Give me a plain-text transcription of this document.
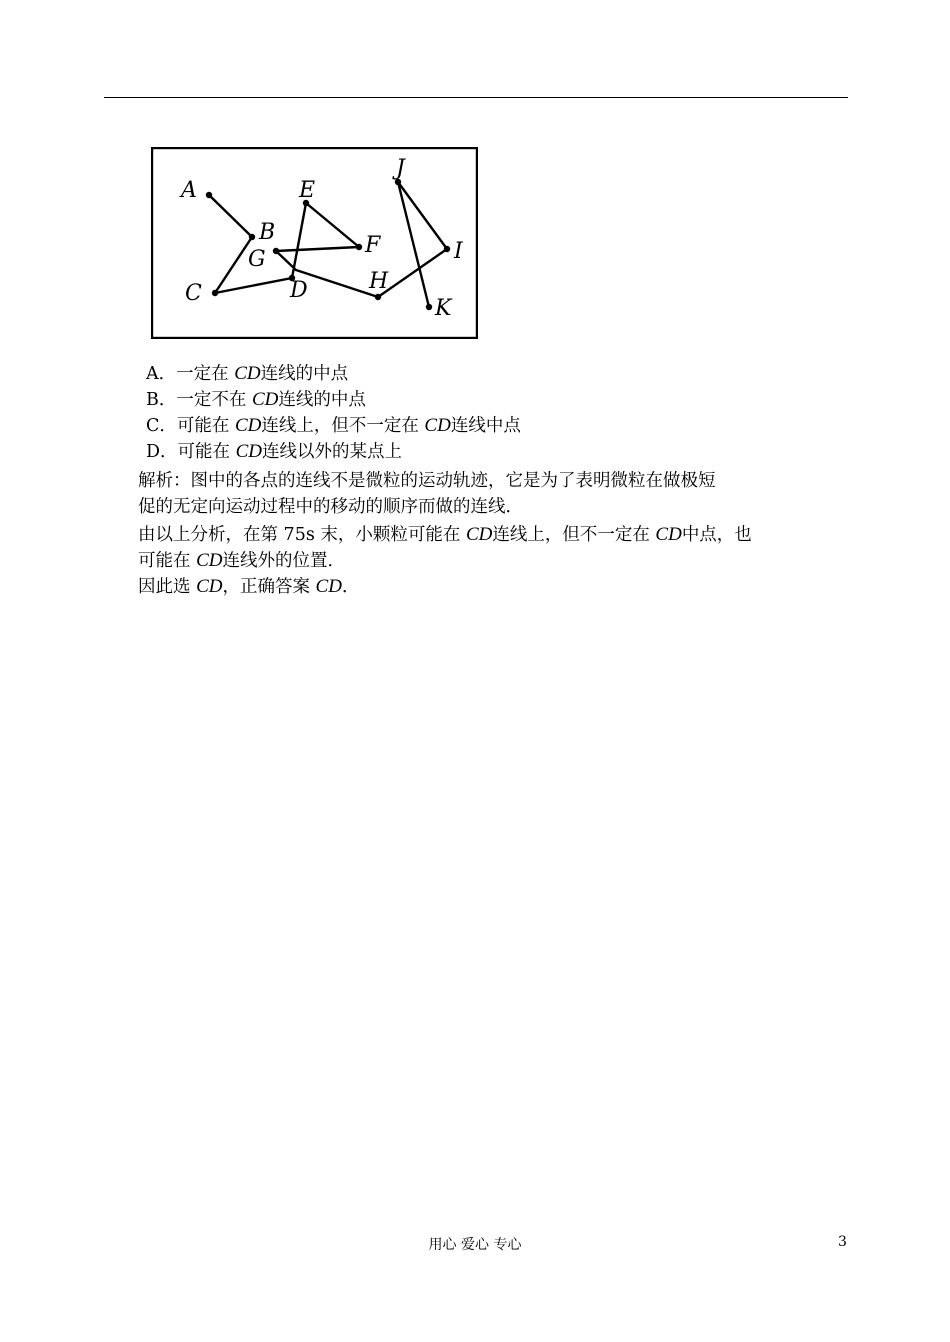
A
B
C	D
E
F
G
H
I
J
K
A．一定在 CD连线的中点
B．一定不在 CD连线的中点
C．可能在 CD连线上，但不一定在 CD连线中点
D．可能在 CD连线以外的某点上
解析：图中的各点的连线不是微粒的运动轨迹，它是为了表明微粒在做极短
促的无定向运动过程中的移动的顺序而做的连线．
由以上分析，在第 75s 末，小颗粒可能在 CD连线上，但不一定在 CD中点，也
可能在 CD连线外的位置．
因此选 CD，正确答案 CD．
用心 爱心 专心	3
